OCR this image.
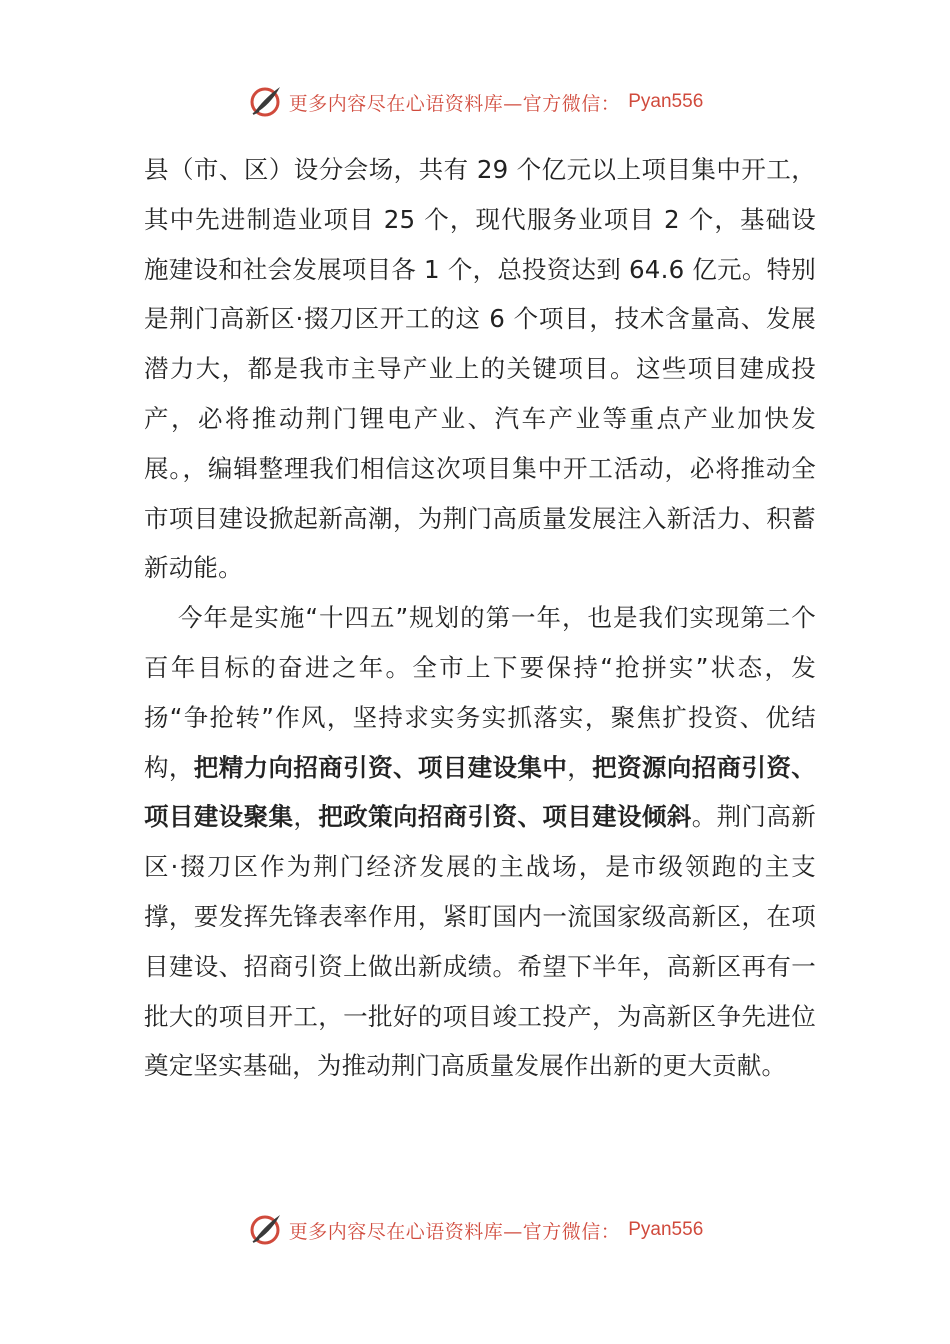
更多内容尽在心语资料库—官方微信： Pyan556

县（市、区）设分会场，共有 29 个亿元以上项目集中开工，其中先进制造业项目 25 个，现代服务业项目 2 个，基础设施建设和社会发展项目各 1 个，总投资达到 64.6 亿元。特别是荆门高新区·掇刀区开工的这 6 个项目，技术含量高、发展潜力大，都是我市主导产业上的关键项目。这些项目建成投产，必将推动荆门锂电产业、汽车产业等重点产业加快发展。，编辑整理我们相信这次项目集中开工活动，必将推动全市项目建设掀起新高潮，为荆门高质量发展注入新活力、积蓄新动能。

今年是实施“十四五”规划的第一年，也是我们实现第二个百年目标的奋进之年。全市上下要保持“抢拼实”状态，发扬“争抢转”作风，坚持求实务实抓落实，聚焦扩投资、优结构，把精力向招商引资、项目建设集中，把资源向招商引资、项目建设聚集，把政策向招商引资、项目建设倾斜。荆门高新区·掇刀区作为荆门经济发展的主战场，是市级领跑的主支撑，要发挥先锋表率作用，紧盯国内一流国家级高新区，在项目建设、招商引资上做出新成绩。希望下半年，高新区再有一批大的项目开工，一批好的项目竣工投产，为高新区争先进位奠定坚实基础，为推动荆门高质量发展作出新的更大贡献。

更多内容尽在心语资料库—官方微信： Pyan556
